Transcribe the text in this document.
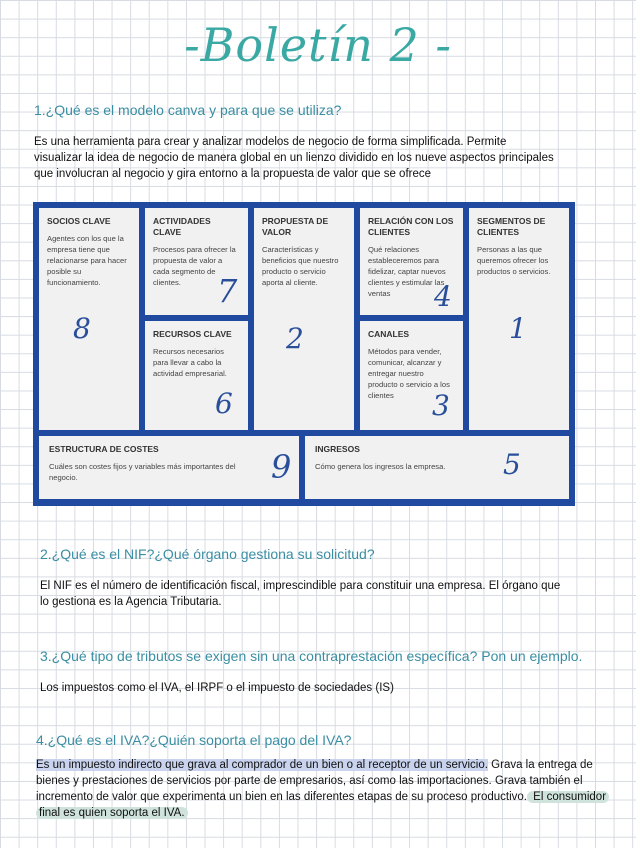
-Boletín 2 -
1.¿Qué es el modelo canva y para que se utiliza?
Es una herramienta para crear y analizar modelos de negocio de forma simplificada. Permite
visualizar la idea de negocio de manera global en un lienzo dividido en los nueve aspectos principales
que involucran al negocio y gira entorno a la propuesta de valor que se ofrece
SOCIOS CLAVE
Agentes con los que la empresa tiene que relacionarse para hacer posible su funcionamiento.
8
ACTIVIDADES CLAVE
Procesos para ofrecer la propuesta de valor a cada segmento de clientes.	7
RECURSOS CLAVE
Recursos necesarios para llevar a cabo la actividad empresarial.
6
PROPUESTA DE VALOR
Características y beneficios que nuestro producto o servicio aporta al cliente.
2
RELACIÓN CON LOS CLIENTES
Qué relaciones estableceremos para fidelizar, captar nuevos clientes y estimular las ventas	4
CANALES
Métodos para vender, comunicar, alcanzar y entregar nuestro producto o servicio a los clientes	3
SEGMENTOS DE CLIENTES
Personas a las que queremos ofrecer los productos o servicios.
1
ESTRUCTURA DE COSTES
Cuáles son costes fijos y variables más importantes del negocio.	9	INGRESOS
Cómo genera los ingresos la empresa.	5
2.¿Qué es el NIF?¿Qué órgano gestiona su solicitud?
El NIF es el número de identificación fiscal, imprescindible para constituir una empresa. El órgano que
lo gestiona es la Agencia Tributaria.
3.¿Qué tipo de tributos se exigen sin una contraprestación específica? Pon un ejemplo.
Los impuestos como el IVA, el IRPF o el impuesto de sociedades (IS)
4.¿Qué es el IVA?¿Quién soporta el pago del IVA?
Es un impuesto indirecto que grava al comprador de un bien o al receptor de un servicio. Grava la entrega de
bienes y prestaciones de servicios por parte de empresarios, así como las importaciones. Grava también el
incremento de valor que experimenta un bien en las diferentes etapas de su proceso productivo. El consumidor
final es quien soporta el IVA.
